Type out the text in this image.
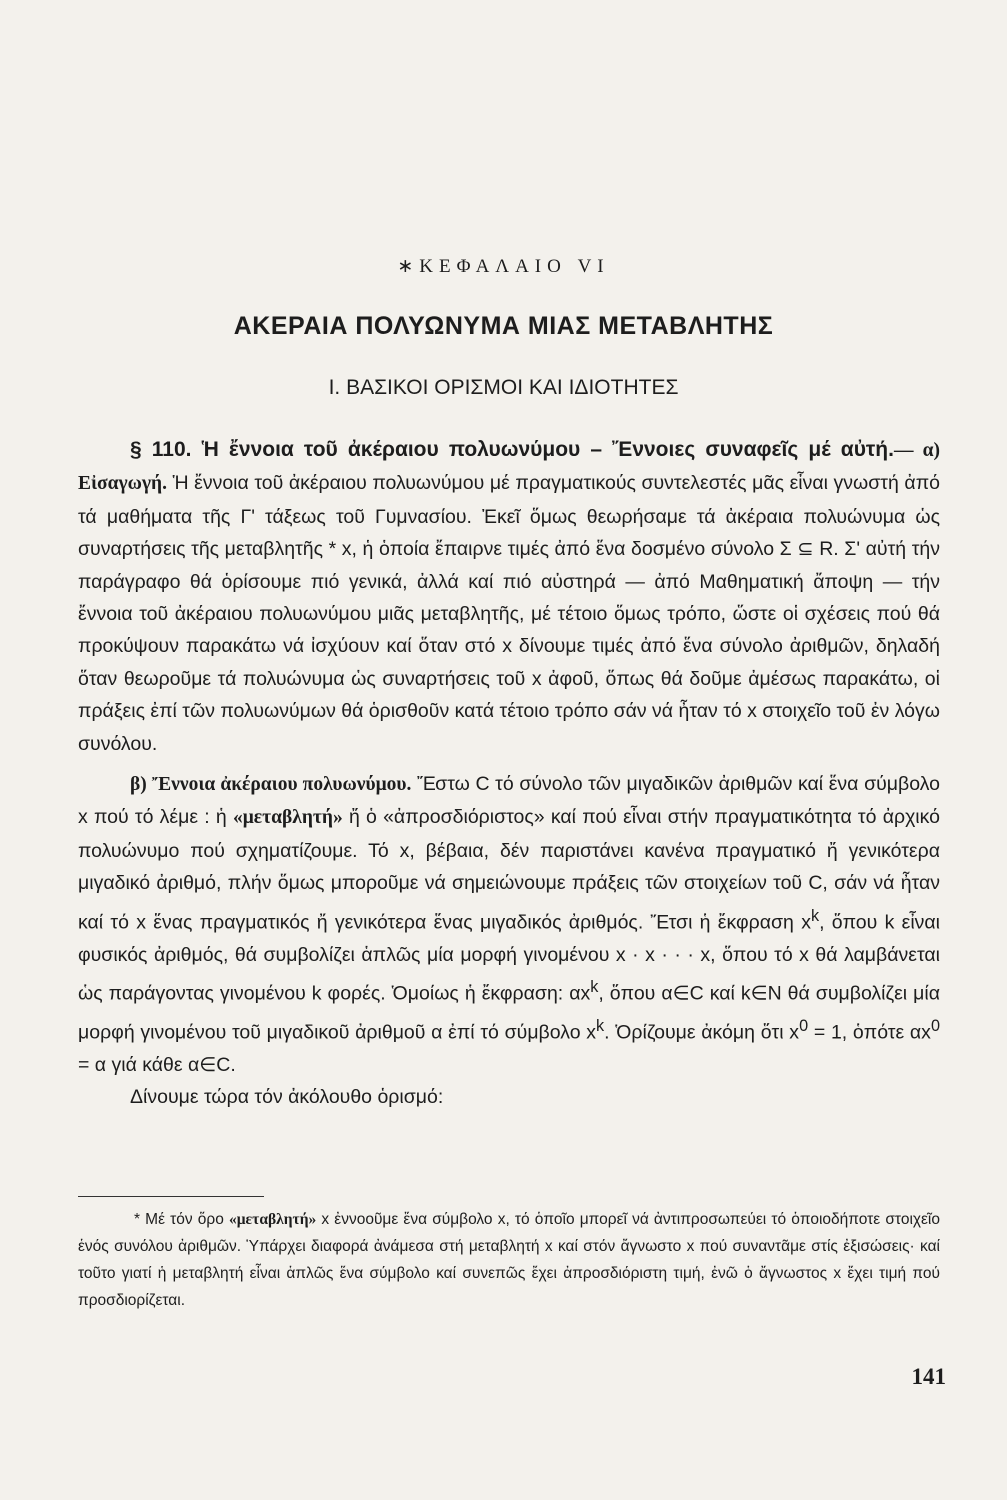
∗ΚΕΦΑΛΑΙΟ VI
ΑΚΕΡΑΙΑ ΠΟΛΥΩΝΥΜΑ ΜΙΑΣ ΜΕΤΑΒΛΗΤΗΣ
I. ΒΑΣΙΚΟΙ ΟΡΙΣΜΟΙ ΚΑΙ ΙΔΙΟΤΗΤΕΣ

§ 110. Ἡ ἔννοια τοῦ ἀκέραιου πολυωνύμου – Ἔννοιες συναφεῖς μέ αὐτή.— α) Εἰσαγωγή. Ἡ ἔννοια τοῦ ἀκέραιου πολυωνύμου μέ πραγματικούς συντελεστές μᾶς εἶναι γνωστή ἀπό τά μαθήματα τῆς Γ' τάξεως τοῦ Γυμνασίου. Ἐκεῖ ὅμως θεωρήσαμε τά ἀκέραια πολυώνυμα ὡς συναρτήσεις τῆς μεταβλητῆς * x, ἡ ὁποία ἔπαιρνε τιμές ἀπό ἕνα δοσμένο σύνολο Σ ⊆ R. Σ' αὐτή τήν παράγραφο θά ὁρίσουμε πιό γενικά, ἀλλά καί πιό αὐστηρά — ἀπό Μαθηματική ἄποψη — τήν ἔννοια τοῦ ἀκέραιου πολυωνύμου μιᾶς μεταβλητῆς, μέ τέτοιο ὅμως τρόπο, ὥστε οἱ σχέσεις πού θά προκύψουν παρακάτω νά ἰσχύουν καί ὅταν στό x δίνουμε τιμές ἀπό ἕνα σύνολο ἀριθμῶν, δηλαδή ὅταν θεωροῦμε τά πολυώνυμα ὡς συναρτήσεις τοῦ x ἀφοῦ, ὅπως θά δοῦμε ἀμέσως παρακάτω, οἱ πράξεις ἐπί τῶν πολυωνύμων θά ὁρισθοῦν κατά τέτοιο τρόπο σάν νά ἦταν τό x στοιχεῖο τοῦ ἐν λόγω συνόλου.

β) Ἔννοια ἀκέραιου πολυωνύμου. Ἔστω C τό σύνολο τῶν μιγαδικῶν ἀριθμῶν καί ἕνα σύμβολο x πού τό λέμε : ἡ «μεταβλητή» ἤ ὁ «ἀπροσδιόριστος» καί πού εἶναι στήν πραγματικότητα τό ἀρχικό πολυώνυμο πού σχηματίζουμε. Τό x, βέβαια, δέν παριστάνει κανένα πραγματικό ἤ γενικότερα μιγαδικό ἀριθμό, πλήν ὅμως μποροῦμε νά σημειώνουμε πράξεις τῶν στοιχείων τοῦ C, σάν νά ἦταν καί τό x ἕνας πραγματικός ἤ γενικότερα ἕνας μιγαδικός ἀριθμός. Ἔτσι ἡ ἔκφραση $x^k$, ὅπου k εἶναι φυσικός ἀριθμός, θά συμβολίζει ἁπλῶς μία μορφή γινομένου x · x · · · x, ὅπου τό x θά λαμβάνεται ὡς παράγοντας γινομένου k φορές. Ὁμοίως ἡ ἔκφραση: $\alpha x^k$, ὅπου α∈C καί k∈N θά συμβολίζει μία μορφή γινομένου τοῦ μιγαδικοῦ ἀριθμοῦ α ἐπί τό σύμβολο $x^k$. Ὁρίζουμε ἀκόμη ὅτι $x^0 = 1$, ὁπότε $\alpha x^0 = \alpha$ γιά κάθε α∈C.

Δίνουμε τώρα τόν ἀκόλουθο ὁρισμό:

* Μέ τόν ὅρο «μεταβλητή» x ἐννοοῦμε ἕνα σύμβολο x, τό ὁποῖο μπορεῖ νά ἀντιπροσωπεύει τό ὁποιοδήποτε στοιχεῖο ἑνός συνόλου ἀριθμῶν. Ὑπάρχει διαφορά ἀνάμεσα στή μεταβλητή x καί στόν ἄγνωστο x πού συναντᾶμε στίς ἐξισώσεις· καί τοῦτο γιατί ἡ μεταβλητή εἶναι ἁπλῶς ἕνα σύμβολο καί συνεπῶς ἔχει ἀπροσδιόριστη τιμή, ἐνῶ ὁ ἄγνωστος x ἔχει τιμή πού προσδιορίζεται.
141
